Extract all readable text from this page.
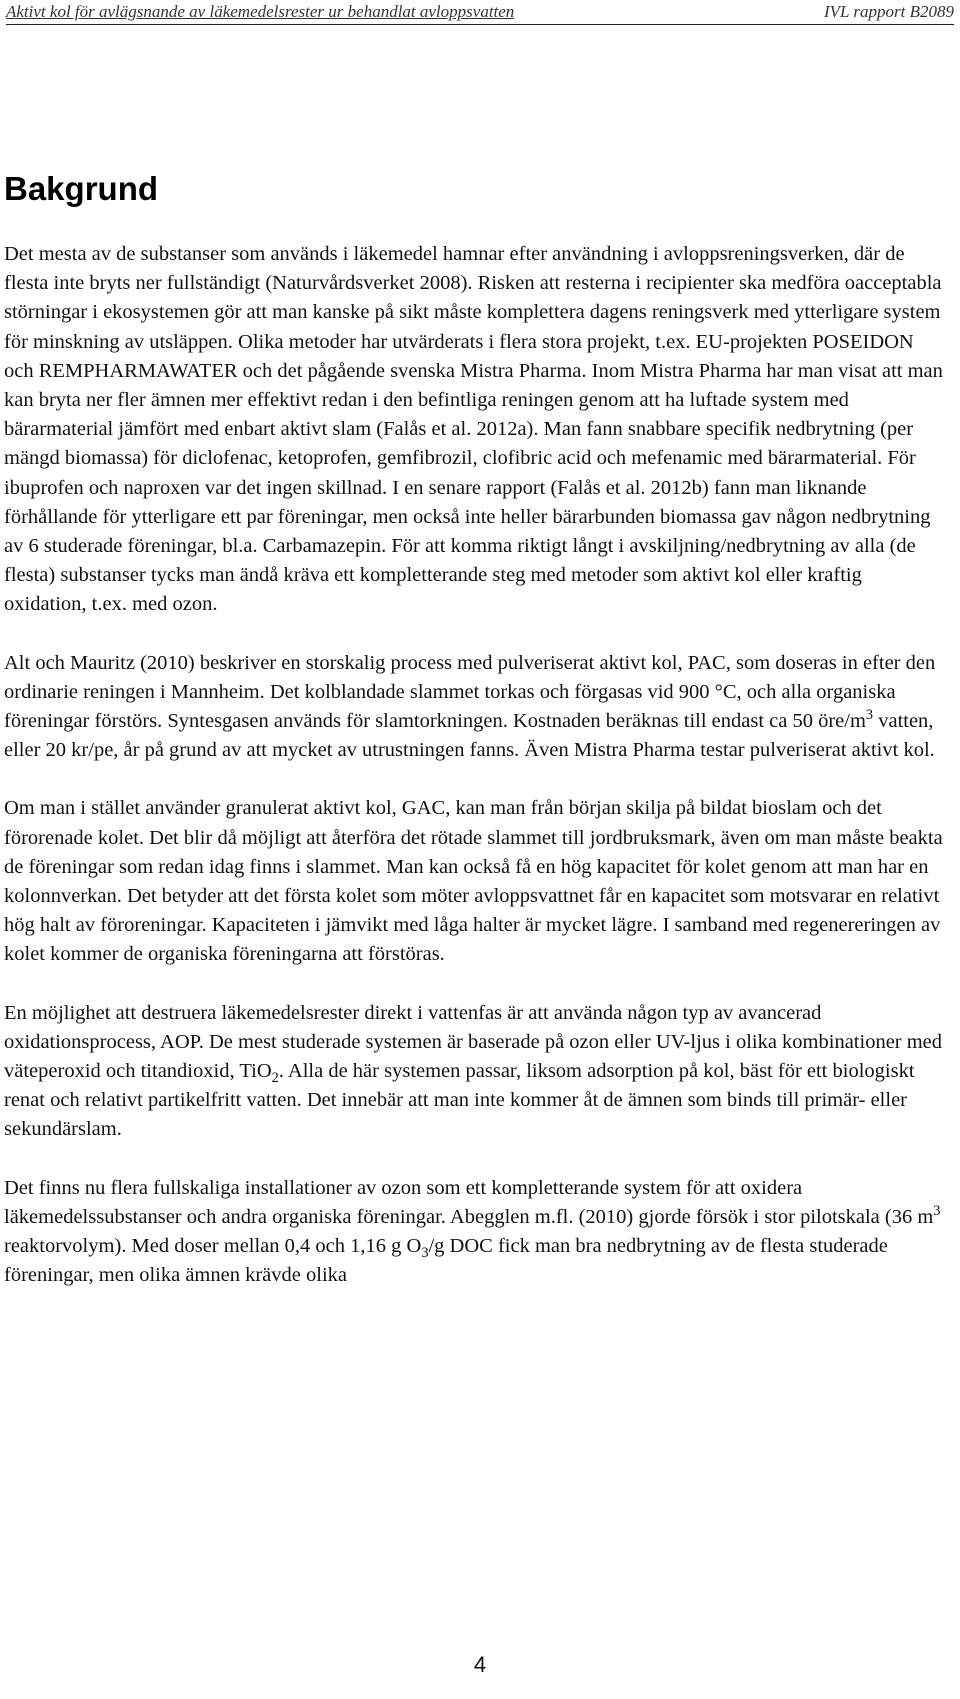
Aktivt kol för avlägsnande av läkemedelsrester ur behandlat avloppsvatten	IVL rapport B2089
Bakgrund

Det mesta av de substanser som används i läkemedel hamnar efter användning i avloppsreningsverken, där de flesta inte bryts ner fullständigt (Naturvårdsverket 2008). Risken att resterna i recipienter ska medföra oacceptabla störningar i ekosystemen gör att man kanske på sikt måste komplettera dagens reningsverk med ytterligare system för minskning av utsläppen. Olika metoder har utvärderats i flera stora projekt, t.ex. EU-projekten POSEIDON och REMPHARMAWATER och det pågående svenska Mistra Pharma. Inom Mistra Pharma har man visat att man kan bryta ner fler ämnen mer effektivt redan i den befintliga reningen genom att ha luftade system med bärarmaterial jämfört med enbart aktivt slam (Falås et al. 2012a). Man fann snabbare specifik nedbrytning (per mängd biomassa) för diclofenac, ketoprofen, gemfibrozil, clofibric acid och mefenamic med bärarmaterial. För ibuprofen och naproxen var det ingen skillnad. I en senare rapport (Falås et al. 2012b) fann man liknande förhållande för ytterligare ett par föreningar, men också inte heller bärarbunden biomassa gav någon nedbrytning av 6 studerade föreningar, bl.a. Carbamazepin. För att komma riktigt långt i avskiljning/nedbrytning av alla (de flesta) substanser tycks man ändå kräva ett kompletterande steg med metoder som aktivt kol eller kraftig oxidation, t.ex. med ozon.

Alt och Mauritz (2010) beskriver en storskalig process med pulveriserat aktivt kol, PAC, som doseras in efter den ordinarie reningen i Mannheim. Det kolblandade slammet torkas och förgasas vid 900 °C, och alla organiska föreningar förstörs. Syntesgasen används för slamtorkningen. Kostnaden beräknas till endast ca 50 öre/$m^3$ vatten, eller 20 kr/pe, år på grund av att mycket av utrustningen fanns. Även Mistra Pharma testar pulveriserat aktivt kol.

Om man i stället använder granulerat aktivt kol, GAC, kan man från början skilja på bildat bioslam och det förorenade kolet. Det blir då möjligt att återföra det rötade slammet till jordbruksmark, även om man måste beakta de föreningar som redan idag finns i slammet. Man kan också få en hög kapacitet för kolet genom att man har en kolonnverkan. Det betyder att det första kolet som möter avloppsvattnet får en kapacitet som motsvarar en relativt hög halt av föroreningar. Kapaciteten i jämvikt med låga halter är mycket lägre. I samband med regenereringen av kolet kommer de organiska föreningarna att förstöras.

En möjlighet att destruera läkemedelsrester direkt i vattenfas är att använda någon typ av avancerad oxidationsprocess, AOP. De mest studerade systemen är baserade på ozon eller UV-ljus i olika kombinationer med väteperoxid och titandioxid, TiO$_2$. Alla de här systemen passar, liksom adsorption på kol, bäst för ett biologiskt renat och relativt partikelfritt vatten. Det innebär att man inte kommer åt de ämnen som binds till primär- eller sekundärslam.

Det finns nu flera fullskaliga installationer av ozon som ett kompletterande system för att oxidera läkemedelssubstanser och andra organiska föreningar. Abegglen m.fl. (2010) gjorde försök i stor pilotskala (36 $m^3$ reaktorvolym). Med doser mellan 0,4 och 1,16 g $O_3/g$ DOC fick man bra nedbrytning av de flesta studerade föreningar, men olika ämnen krävde olika

4
